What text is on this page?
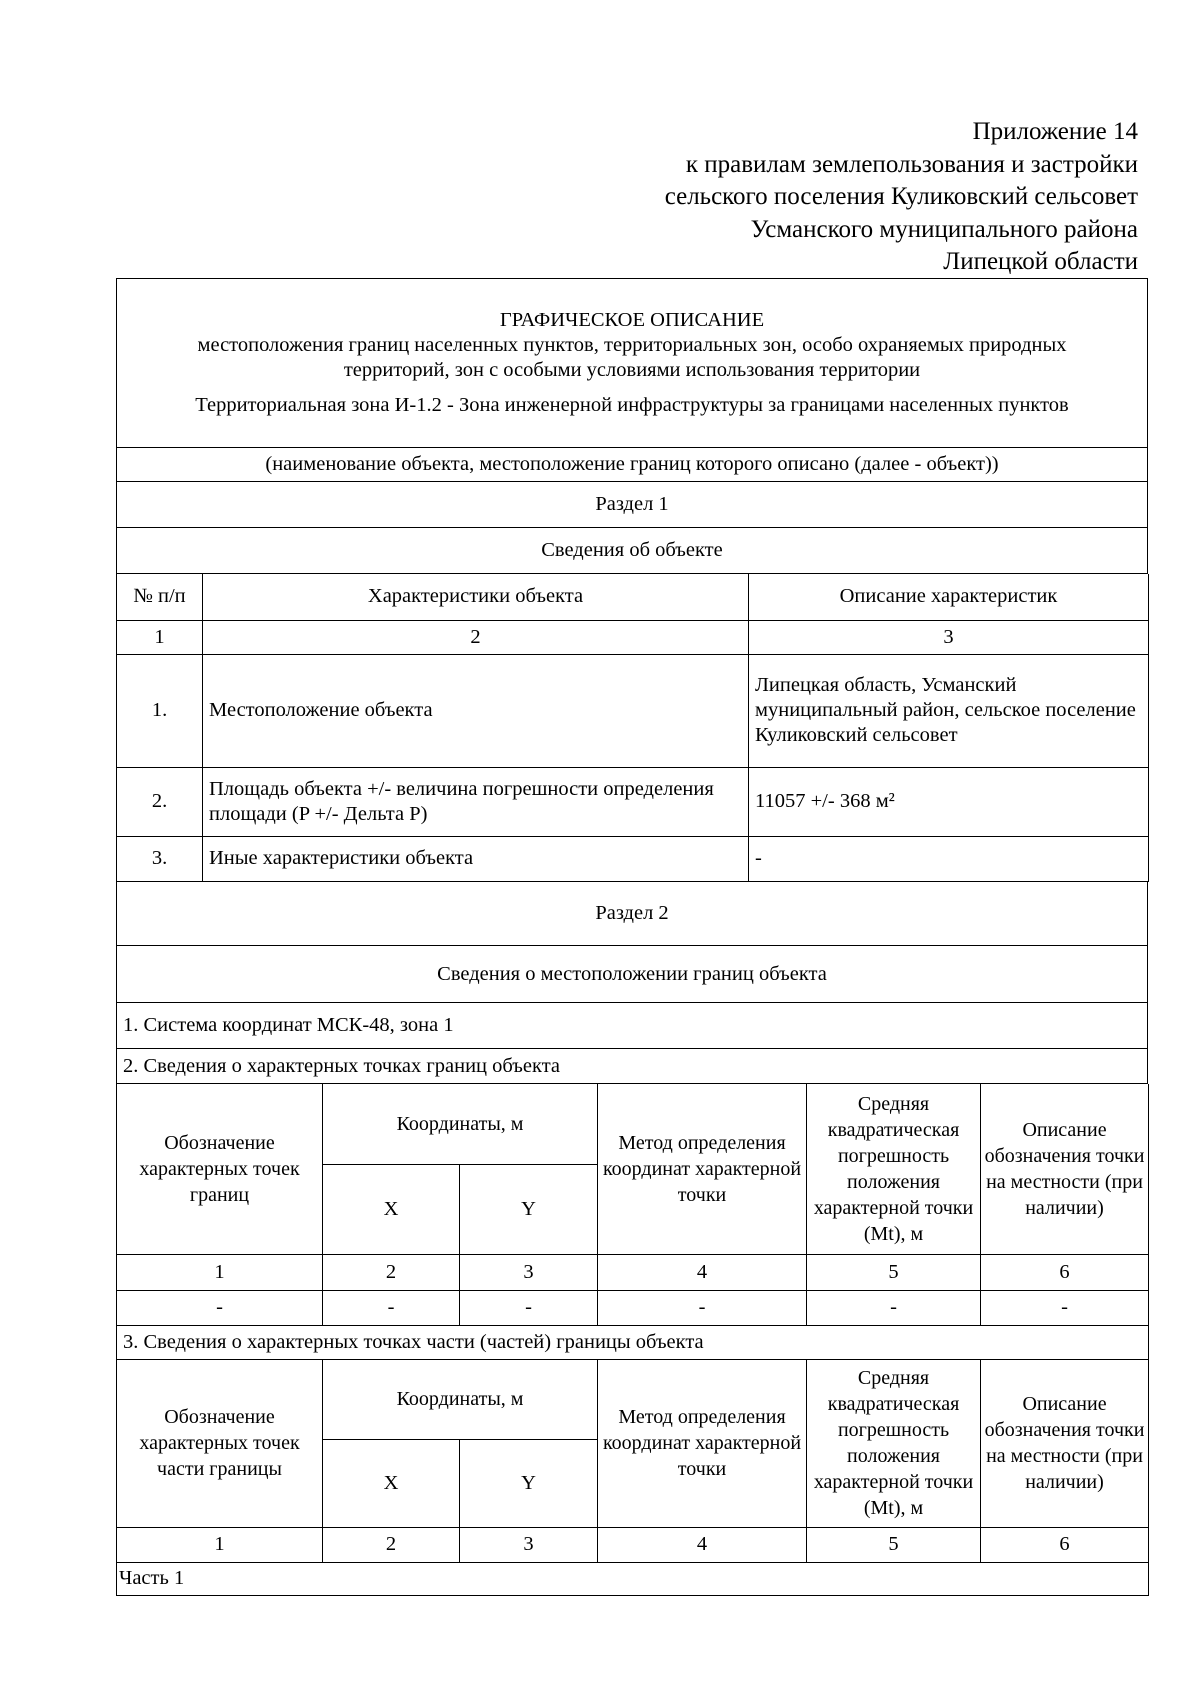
Приложение 14
к правилам землепользования и застройки
сельского поселения Куликовский сельсовет
Усманского муниципального района
Липецкой области
ГРАФИЧЕСКОЕ ОПИСАНИЕ
местоположения границ населенных пунктов, территориальных зон, особо охраняемых природных территорий, зон с особыми условиями использования территории
Территориальная зона И-1.2 - Зона инженерной инфраструктуры за границами населенных пунктов

(наименование объекта, местоположение границ которого описано (далее - объект))
Раздел 1
Сведения об объекте
№ п/п	Характеристики объекта	Описание характеристик
1	2	3
1.	Местоположение объекта	Липецкая область, Усманский муниципальный район, сельское поселение Куликовский сельсовет
2.	Площадь объекта +/- величина погрешности определения площади (P +/- Дельта P)	11057 +/- 368 м²
3.	Иные характеристики объекта	-
Раздел 2
Сведения о местоположении границ объекта
1. Система координат МСК-48, зона 1
2. Сведения о характерных точках границ объекта
Обозначение характерных точек границ	Координаты, м		Метод определения координат характерной точки	Средняя квадратическая погрешность положения характерной точки (Mt), м	Описание обозначения точки на местности (при наличии)
	X	Y			
1	2	3	4	5	6
-	-	-	-	-	-
3. Сведения о характерных точках части (частей) границы объекта					
Обозначение характерных точек части границы	Координаты, м		Метод определения координат характерной точки	Средняя квадратическая погрешность положения характерной точки (Mt), м	Описание обозначения точки на местности (при наличии)
	X	Y			
1	2	3	4	5	6
Часть 1					
